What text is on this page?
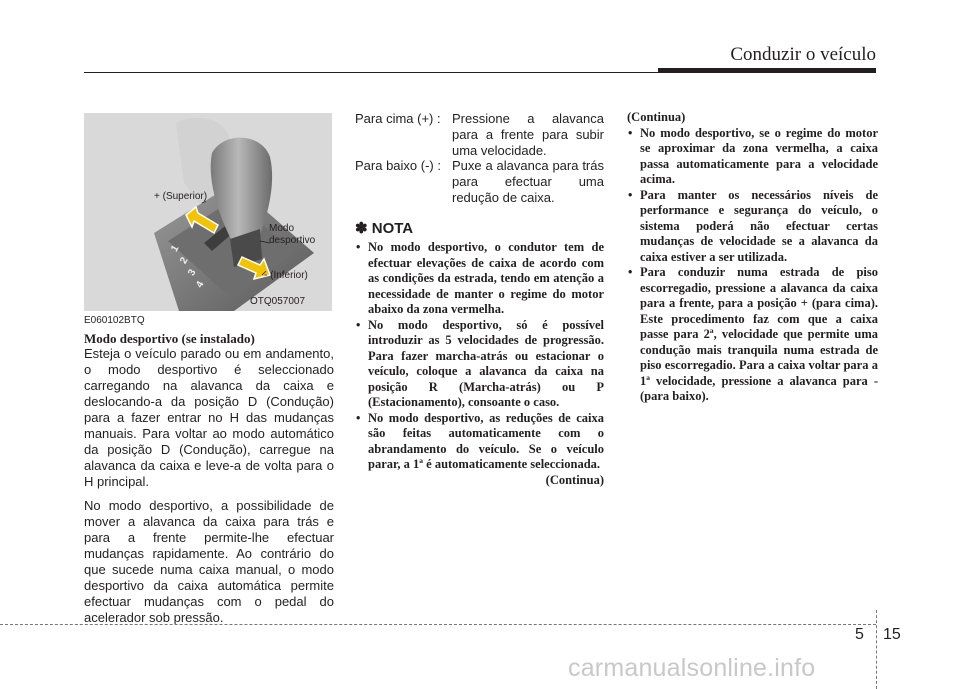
Conduzir o veículo
1
2
3
4
+ (Superior)
Modo
desportivo
- (Inferior)
OTQ057007
E060102BTQ
Modo desportivo (se instalado)
Esteja o veículo parado ou em andamento, o modo desportivo é seleccionado carregando na alavanca da caixa e deslocando-a da posição D (Condução) para a fazer entrar no H das mudanças manuais. Para voltar ao modo automático da posição D (Condução), carregue na alavanca da caixa e leve-a de volta para o H principal.
No modo desportivo, a possibilidade de mover a alavanca da caixa para trás e para a frente permite-lhe efectuar mudanças rapidamente. Ao contrário do que sucede numa caixa manual, o modo desportivo da caixa automática permite efectuar mudanças com o pedal do acelerador sob pressão.
Para cima (+) : Pressione a alavanca para a frente para subir uma velocidade.
Para baixo (-) : Puxe a alavanca para trás para efectuar uma redução de caixa.
✽ NOTA
• No modo desportivo, o condutor tem de efectuar elevações de caixa de acordo com as condições da estrada, tendo em atenção a necessidade de manter o regime do motor abaixo da zona vermelha.
• No modo desportivo, só é possível introduzir as 5 velocidades de progressão. Para fazer marcha-atrás ou estacionar o veículo, coloque a alavanca da caixa na posição R (Marcha-atrás) ou P (Estacionamento), consoante o caso.
• No modo desportivo, as reduções de caixa são feitas automaticamente com o abrandamento do veículo. Se o veículo parar, a 1ª é automaticamente seleccionada.
(Continua)
(Continua)
• No modo desportivo, se o regime do motor se aproximar da zona vermelha, a caixa passa automaticamente para a velocidade acima.
• Para manter os necessários níveis de performance e segurança do veículo, o sistema poderá não efectuar certas mudanças de velocidade se a alavanca da caixa estiver a ser utilizada.
• Para conduzir numa estrada de piso escorregadio, pressione a alavanca da caixa para a frente, para a posição + (para cima). Este procedimento faz com que a caixa passe para 2ª, velocidade que permite uma condução mais tranquila numa estrada de piso escorregadio. Para a caixa voltar para a 1ª velocidade, pressione a alavanca para - (para baixo).
5 15
carmanualsonline.info
